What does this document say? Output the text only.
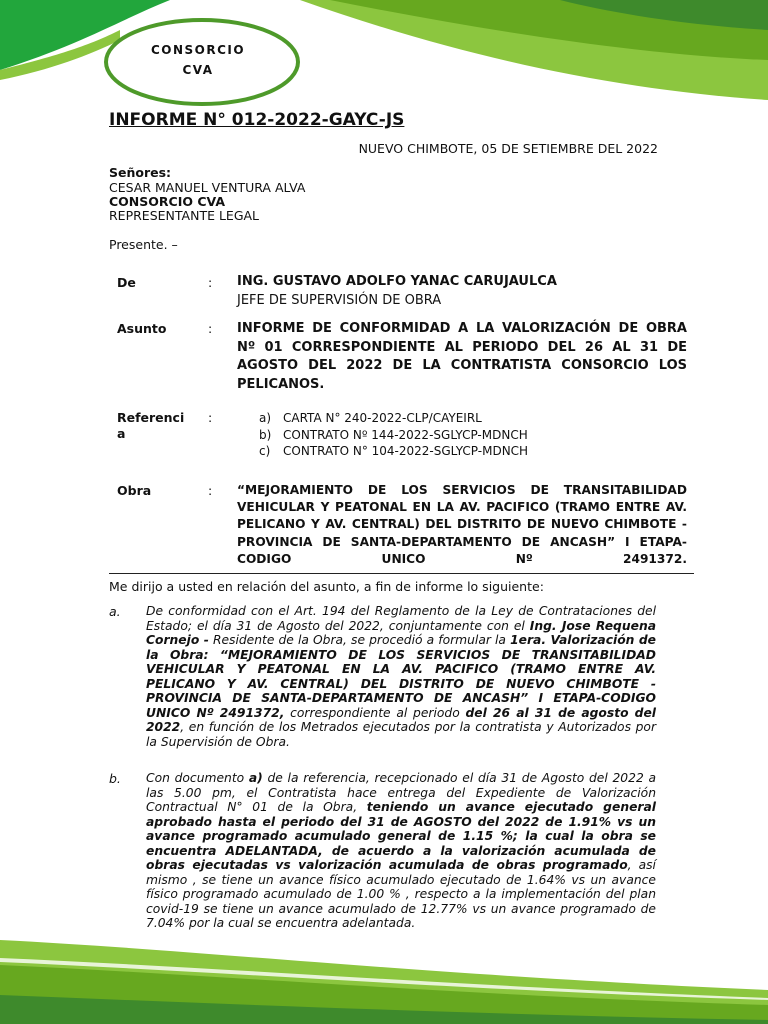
CONSORCIO
CVA
INFORME N° 012-2022-GAYC-JS
NUEVO CHIMBOTE, 05 DE SETIEMBRE DEL 2022
Señores:
CESAR MANUEL VENTURA ALVA
CONSORCIO CVA
REPRESENTANTE LEGAL
Presente. –
De	: ING. GUSTAVO ADOLFO YANAC CARUJAULCA
JEFE DE SUPERVISIÓN DE OBRA
Asunto	: INFORME DE CONFORMIDAD A LA VALORIZACIÓN DE OBRA Nº 01 CORRESPONDIENTE AL PERIODO DEL 26 AL 31 DE AGOSTO DEL 2022 DE LA CONTRATISTA CONSORCIO LOS PELICANOS.
Referenci
a
:	a) CARTA N° 240-2022-CLP/CAYEIRL
b) CONTRATO Nº 144-2022-SGLYCP-MDNCH
c) CONTRATO N° 104-2022-SGLYCP-MDNCH
Obra	: “MEJORAMIENTO DE LOS SERVICIOS DE TRANSITABILIDAD VEHICULAR Y PEATONAL EN LA AV. PACIFICO (TRAMO ENTRE AV. PELICANO Y AV. CENTRAL) DEL DISTRITO DE NUEVO CHIMBOTE -PROVINCIA DE SANTA-DEPARTAMENTO DE ANCASH” I ETAPA-CODIGO UNICO Nº 2491372.
Me dirijo a usted en relación del asunto, a fin de informe lo siguiente:
a. De conformidad con el Art. 194 del Reglamento de la Ley de Contrataciones del Estado; el día 31 de Agosto del 2022, conjuntamente con el Ing. Jose Requena Cornejo - Residente de la Obra, se procedió a formular la 1era. Valorización de la Obra: “MEJORAMIENTO DE LOS SERVICIOS DE TRANSITABILIDAD VEHICULAR Y PEATONAL EN LA AV. PACIFICO (TRAMO ENTRE AV. PELICANO Y AV. CENTRAL) DEL DISTRITO DE NUEVO CHIMBOTE -PROVINCIA DE SANTA-DEPARTAMENTO DE ANCASH” I ETAPA-CODIGO UNICO Nº 2491372, correspondiente al periodo del 26 al 31 de agosto del 2022, en función de los Metrados ejecutados por la contratista y Autorizados por la Supervisión de Obra.
b. Con documento a) de la referencia, recepcionado el día 31 de Agosto del 2022 a las 5.00 pm, el Contratista hace entrega del Expediente de Valorización Contractual N° 01 de la Obra, teniendo un avance ejecutado general aprobado hasta el periodo del 31 de AGOSTO del 2022 de 1.91% vs un avance programado acumulado general de 1.15 %; la cual la obra se encuentra ADELANTADA, de acuerdo a la valorización acumulada de obras ejecutadas vs valorización acumulada de obras programado, así mismo , se tiene un avance físico acumulado ejecutado de 1.64% vs un avance físico programado acumulado de 1.00 % , respecto a la implementación del plan covid-19 se tiene un avance acumulado de 12.77% vs un avance programado de 7.04% por la cual se encuentra adelantada.
